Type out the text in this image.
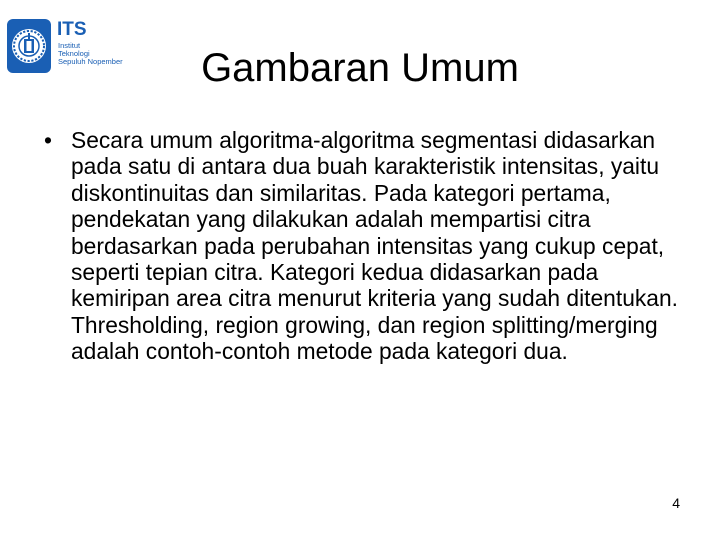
ITS
Institut
Teknologi
Sepuluh Nopember	Gambaran Umum
• Secara umum algoritma-algoritma segmentasi didasarkan pada satu di antara dua buah karakteristik intensitas, yaitu diskontinuitas dan similaritas. Pada kategori pertama, pendekatan yang dilakukan adalah mempartisi citra berdasarkan pada perubahan intensitas yang cukup cepat, seperti tepian citra. Kategori kedua didasarkan pada kemiripan area citra menurut kriteria yang sudah ditentukan. Thresholding, region growing, dan region splitting/merging adalah contoh-contoh metode pada kategori dua.
4
